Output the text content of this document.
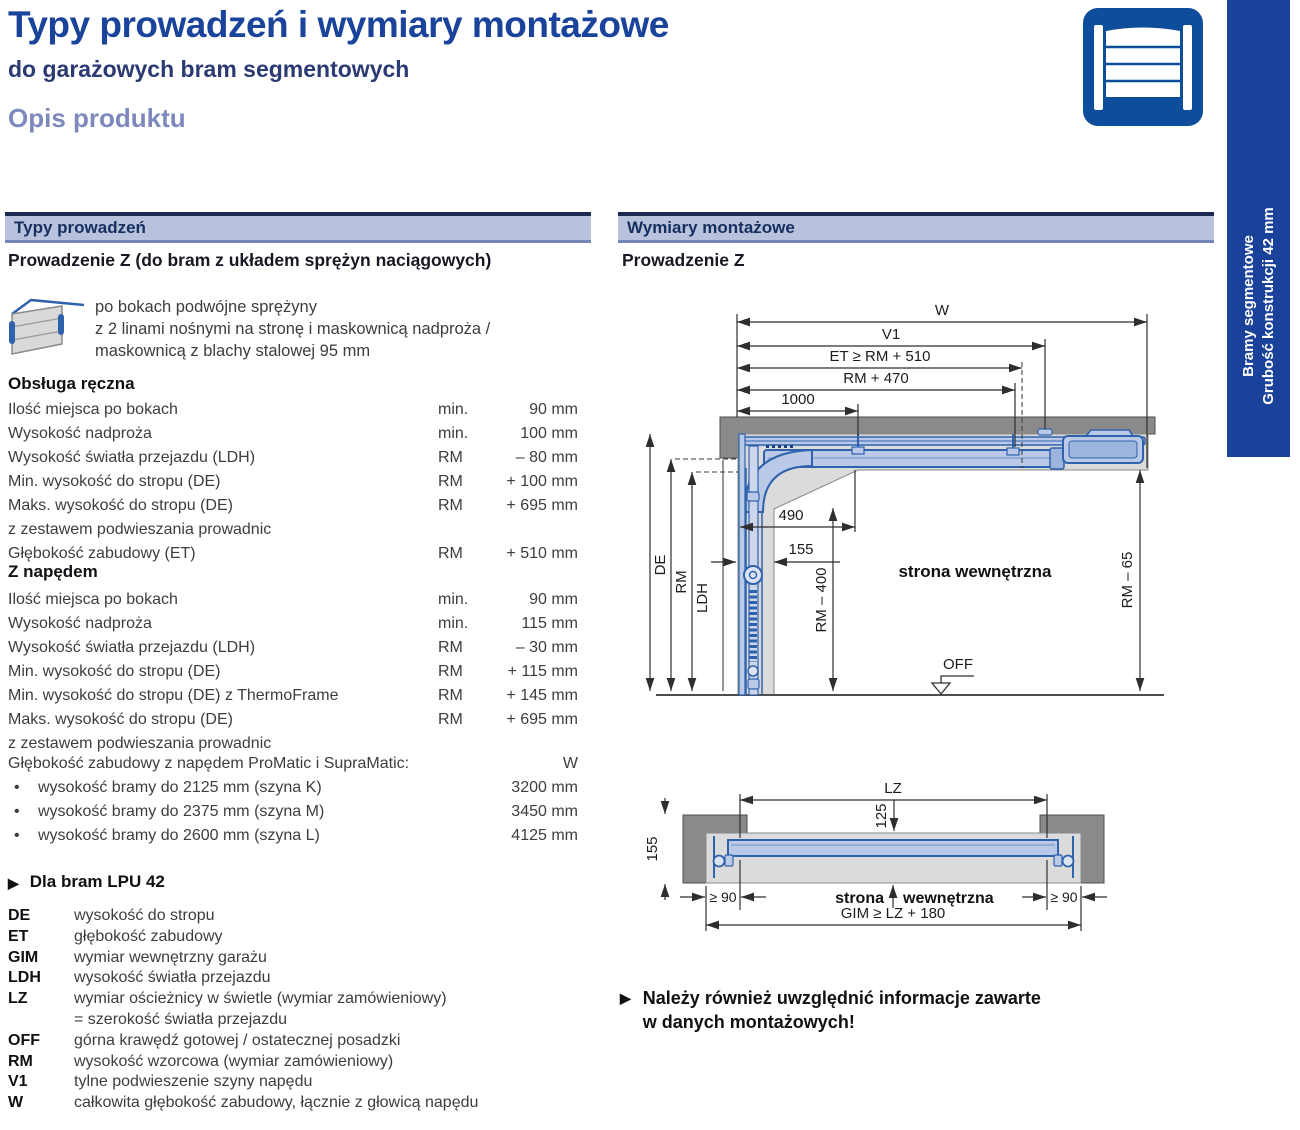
Typy prowadzeń i wymiary montażowe
do garażowych bram segmentowych
Opis produktu
Bramy segmentowe Grubość konstrukcji 42 mm
Typy prowadzeń	Wymiary montażowe
Prowadzenie Z (do bram z układem sprężyn naciągowych)	Prowadzenie Z
po bokach podwójne sprężyny
z 2 linami nośnymi na stronę i maskownicą nadproża /
maskownicą z blachy stalowej 95 mm
Obsługa ręczna
Ilość miejsca po bokach	min.	90 mm
Wysokość nadproża	min.	100 mm
Wysokość światła przejazdu (LDH)	RM	– 80 mm
Min. wysokość do stropu (DE)	RM	+ 100 mm
Maks. wysokość do stropu (DE)	RM	+ 695 mm
z zestawem podwieszania prowadnic
Głębokość zabudowy (ET)	RM	+ 510 mm
Z napędem
Ilość miejsca po bokach	min.	90 mm
Wysokość nadproża	min.	115 mm
Wysokość światła przejazdu (LDH)	RM	– 30 mm
Min. wysokość do stropu (DE)	RM	+ 115 mm
Min. wysokość do stropu (DE) z ThermoFrame	RM	+ 145 mm
Maks. wysokość do stropu (DE)	RM	+ 695 mm
z zestawem podwieszania prowadnic
Głębokość zabudowy z napędem ProMatic i SupraMatic:	W
•	wysokość bramy do 2125 mm (szyna K)	3200 mm
•	wysokość bramy do 2375 mm (szyna M)	3450 mm
•	wysokość bramy do 2600 mm (szyna L)	4125 mm
▶ Dla bram LPU 42
DE	wysokość do stropu
ET	głębokość zabudowy
GIM	wymiar wewnętrzny garażu
LDH	wysokość światła przejazdu
LZ	wymiar ościeżnicy w świetle (wymiar zamówieniowy)
= szerokość światła przejazdu
OFF	górna krawędź gotowej / ostatecznej posadzki
RM	wysokość wzorcowa (wymiar zamówieniowy)
V1	tylne podwieszenie szyny napędu
W	całkowita głębokość zabudowy, łącznie z głowicą napędu
W
V1
ET ≥ RM + 510
RM + 470
1000
DE
RM
LDH
490
155
RM – 400	RM – 65
strona wewnętrzna
OFF
LZ
125
155
≥ 90	≥ 90
strona wewnętrzna
GIM ≥ LZ + 180
▶ Należy również uwzględnić informacje zawarte
w danych montażowych!
